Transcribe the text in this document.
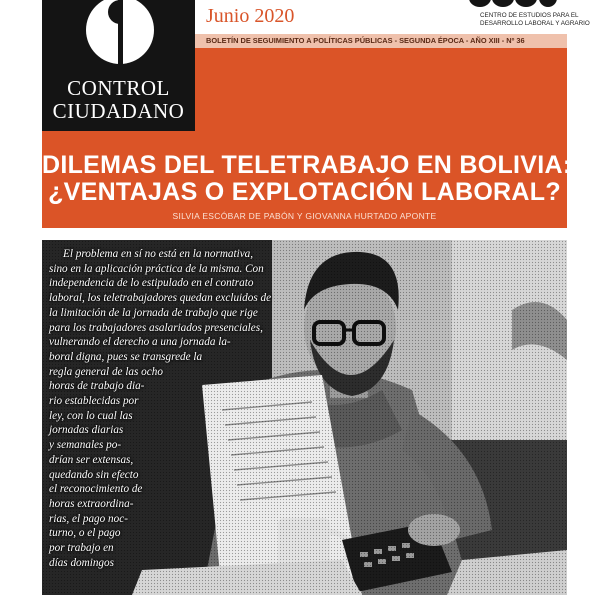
CONTROL
CIUDADANO
Junio 2020	CENTRO DE ESTUDIOS PARA EL DESARROLLO LABORAL Y AGRARIO
BOLETÍN DE SEGUIMIENTO A POLÍTICAS PÚBLICAS - SEGUNDA ÉPOCA - AÑO XIII - Nº 36
DILEMAS DEL TELETRABAJO EN BOLIVIA:
¿VENTAJAS O EXPLOTACIÓN LABORAL?
SILVIA ESCÓBAR DE PABÓN Y GIOVANNA HURTADO APONTE
El problema en sí no está en la normativa,
sino en la aplicación práctica de la misma. Con
independencia de lo estipulado en el contrato
laboral, los teletrabajadores quedan excluidos de
la limitación de la jornada de trabajo que rige
para los trabajadores asalariados presenciales,
vulnerando el derecho a una jornada la-
boral digna, pues se transgrede la
regla general de las ocho
horas de trabajo dia-
rio establecidas por
ley, con lo cual las
jornadas diarias
y semanales po-
drían ser extensas,
quedando sin efecto
el reconocimiento de
horas extraordina-
rias, el pago noc-
turno, o el pago
por trabajo en
días domingos
